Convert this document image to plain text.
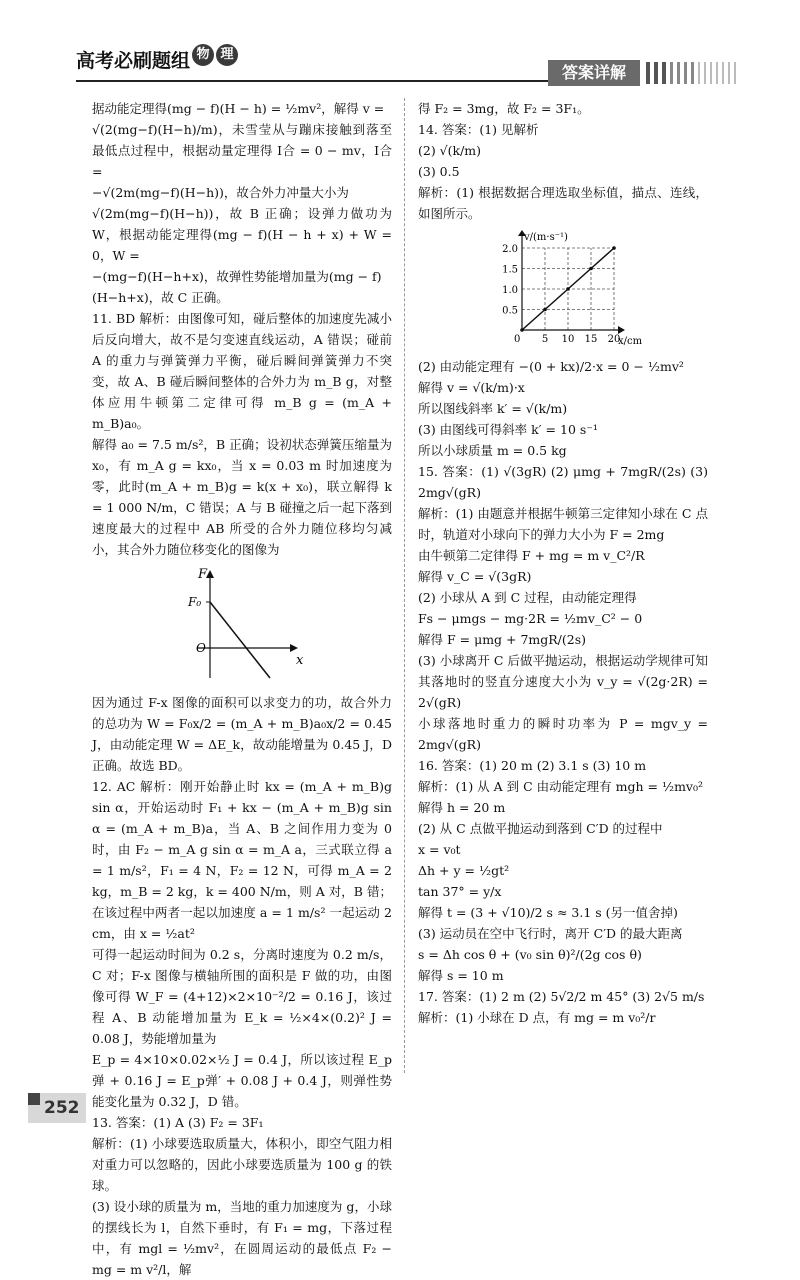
高考必刷题组 物 理
答案详解

据动能定理得(mg − f)(H − h) = ½mv²，解得 v =

√(2(mg−f)(H−h)/m)，未雪莹从与蹦床接触到落至最低点过程中，根据动量定理得 I合 = 0 − mv，I合 =

−√(2m(mg−f)(H−h))，故合外力冲量大小为

√(2m(mg−f)(H−h))，故 B 正确；设弹力做功为 W，根据动能定理得(mg − f)(H − h + x) + W = 0，W =

−(mg−f)(H−h+x)，故弹性势能增加量为(mg − f)

(H−h+x)，故 C 正确。

11. BD 解析：由图像可知，碰后整体的加速度先减小后反向增大，故不是匀变速直线运动，A 错误；碰前 A 的重力与弹簧弹力平衡，碰后瞬间弹簧弹力不突变，故 A、B 碰后瞬间整体的合外力为 m_B g，对整体应用牛顿第二定律可得 m_B g = (m_A + m_B)a₀。

解得 a₀ = 7.5 m/s²，B 正确；设初状态弹簧压缩量为 x₀，有 m_A g = kx₀，当 x = 0.03 m 时加速度为零，此时(m_A + m_B)g = k(x + x₀)，联立解得 k = 1 000 N/m，C 错误；A 与 B 碰撞之后一起下落到速度最大的过程中 AB 所受的合外力随位移均匀减小，其合外力随位移变化的图像为

F
F₀
O
x

因为通过 F-x 图像的面积可以求变力的功，故合外力的总功为 W = F₀x/2 = (m_A + m_B)a₀x/2 = 0.45 J，由动能定理 W = ΔE_k，故动能增量为 0.45 J，D 正确。故选 BD。

12. AC 解析：刚开始静止时 kx = (m_A + m_B)g sin α，开始运动时 F₁ + kx − (m_A + m_B)g sin α = (m_A + m_B)a，当 A、B 之间作用力变为 0 时，由 F₂ − m_A g sin α = m_A a，三式联立得 a = 1 m/s²，F₁ = 4 N，F₂ = 12 N，可得 m_A = 2 kg，m_B = 2 kg，k = 400 N/m，则 A 对，B 错；在该过程中两者一起以加速度 a = 1 m/s² 一起运动 2 cm，由 x = ½at²

可得一起运动时间为 0.2 s，分离时速度为 0.2 m/s，C 对；F-x 图像与横轴所围的面积是 F 做的功，由图像可得 W_F = (4+12)×2×10⁻²/2 = 0.16 J，该过程 A、B 动能增加量为 E_k = ½×4×(0.2)² J = 0.08 J，势能增加量为

E_p = 4×10×0.02×½ J = 0.4 J，所以该过程 E_p弹 + 0.16 J = E_p弹′ + 0.08 J + 0.4 J，则弹性势能变化量为 0.32 J，D 错。

13. 答案：(1) A (3) F₂ = 3F₁

解析：(1) 小球要选取质量大，体积小，即空气阻力相对重力可以忽略的，因此小球要选质量为 100 g 的铁球。

(3) 设小球的质量为 m，当地的重力加速度为 g，小球的摆线长为 l，自然下垂时，有 F₁ = mg，下落过程中，有 mgl = ½mv²，在圆周运动的最低点 F₂ − mg = m v²/l，解

得 F₂ = 3mg，故 F₂ = 3F₁。

14. 答案：(1) 见解析

(2) √(k/m)

(3) 0.5

解析：(1) 根据数据合理选取坐标值，描点、连线，如图所示。

v/(m·s⁻¹)
x/cm
0 5 10 15 20
0.5
1.0
1.5
2.0

(2) 由动能定理有 −(0 + kx)/2·x = 0 − ½mv²

解得 v = √(k/m)·x

所以图线斜率 k′ = √(k/m)

(3) 由图线可得斜率 k′ = 10 s⁻¹

所以小球质量 m = 0.5 kg

15. 答案：(1) √(3gR) (2) μmg + 7mgR/(2s) (3) 2mg√(gR)

解析：(1) 由题意并根据牛顿第三定律知小球在 C 点时，轨道对小球向下的弹力大小为 F = 2mg

由牛顿第二定律得 F + mg = m v_C²/R

解得 v_C = √(3gR)

(2) 小球从 A 到 C 过程，由动能定理得

Fs − μmgs − mg·2R = ½mv_C² − 0

解得 F = μmg + 7mgR/(2s)

(3) 小球离开 C 后做平抛运动，根据运动学规律可知其落地时的竖直分速度大小为 v_y = √(2g·2R) = 2√(gR)

小球落地时重力的瞬时功率为 P = mgv_y = 2mg√(gR)

16. 答案：(1) 20 m (2) 3.1 s (3) 10 m

解析：(1) 从 A 到 C 由动能定理有 mgh = ½mv₀²

解得 h = 20 m

(2) 从 C 点做平抛运动到落到 C′D 的过程中

x = v₀t

Δh + y = ½gt²

tan 37° = y/x

解得 t = (3 + √10)/2 s ≈ 3.1 s (另一值舍掉)

(3) 运动员在空中飞行时，离开 C′D 的最大距离

s = Δh cos θ + (v₀ sin θ)²/(2g cos θ)

解得 s = 10 m

17. 答案：(1) 2 m (2) 5√2/2 m 45° (3) 2√5 m/s

解析：(1) 小球在 D 点，有 mg = m v₀²/r

252
